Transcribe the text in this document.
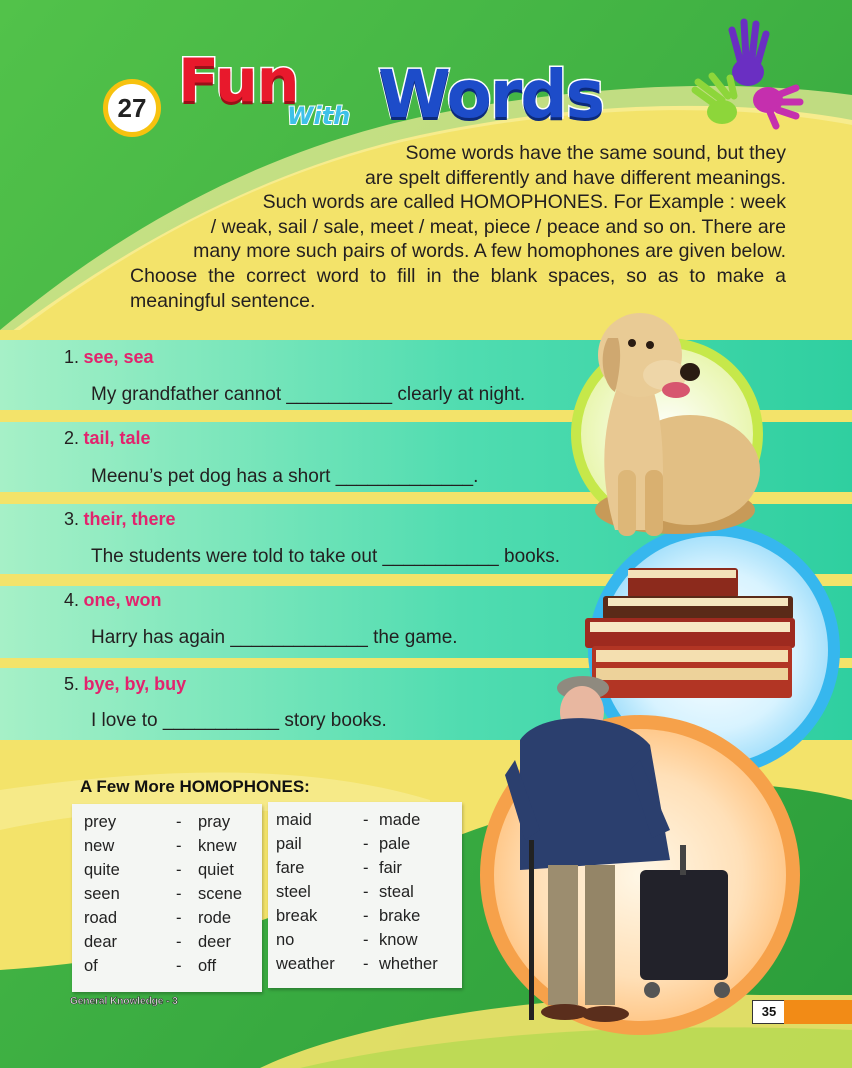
27 Fun
With Words
Some words have the same sound, but they
are spelt differently and have different meanings.
Such words are called HOMOPHONES. For Example : week
/ weak, sail / sale, meet / meat, piece / peace and so on. There are
many more such pairs of words. A few homophones are given below.
Choose the correct word to fill in the blank spaces, so as to make a
meaningful sentence.
1. see, sea
My grandfather cannot __________ clearly at night.
2. tail, tale
Meenu’s pet dog has a short _____________.
3. their, there
The students were told to take out ___________ books.
4. one, won
Harry has again _____________ the game.
5. bye, by, buy
I love to ___________ story books.
A Few More HOMOPHONES:
prey	- pray
new	- knew
quite	- quiet
seen	- scene
road	- rode
dear	- deer
of	- off
maid	- made
pail	- pale
fare	- fair
steel	- steal
break	- brake
no	- know
weather - whether
General Knowledge - 3
35
